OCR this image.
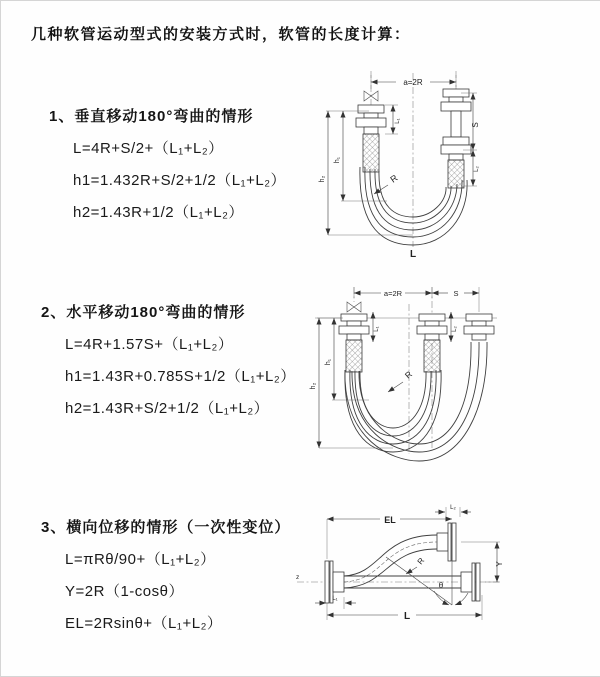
几种软管运动型式的安装方式时，软管的长度计算：
1、垂直移动180°弯曲的情形
L=4R+S/2+（L₁+L₂）
h1=1.432R+S/2+1/2（L₁+L₂）
h2=1.43R+1/2（L₁+L₂）
2、水平移动180°弯曲的情形
L=4R+1.57S+（L₁+L₂）
h1=1.43R+0.785S+1/2（L₁+L₂）
h2=1.43R+S/2+1/2（L₁+L₂）
3、横向位移的情形（一次性变位）
L=πRθ/90+（L₁+L₂）
Y=2R（1-cosθ）
EL=2Rsinθ+（L₁+L₂）
a=2R
h₂
h₁
S
L₂
L₁
R
L
a=2R	S
h₂
h₁
L₁	L₂
R
z
EL
L₂
Y
θ
R
L₁
L
